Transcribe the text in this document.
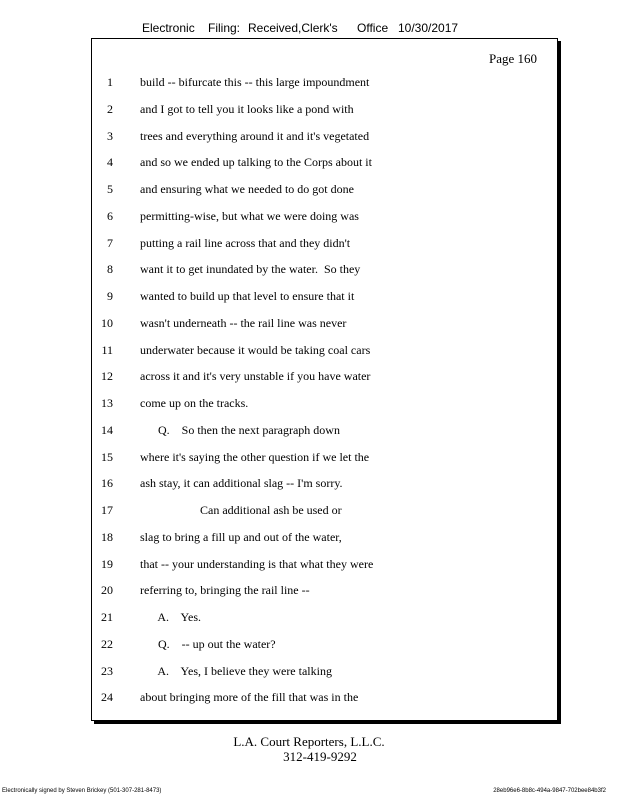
Electronic Filing: Received,Clerk's Office 10/30/2017
Page 160
1 build -- bifurcate this -- this large impoundment
2 and I got to tell you it looks like a pond with
3 trees and everything around it and it's vegetated
4 and so we ended up talking to the Corps about it
5 and ensuring what we needed to do got done
6 permitting-wise, but what we were doing was
7 putting a rail line across that and they didn't
8 want it to get inundated by the water.  So they
9 wanted to build up that level to ensure that it
10 wasn't underneath -- the rail line was never
11 underwater because it would be taking coal cars
12 across it and it's very unstable if you have water
13 come up on the tracks.
14 Q.    So then the next paragraph down
15 where it's saying the other question if we let the
16 ash stay, it can additional slag -- I'm sorry.
17 Can additional ash be used or
18 slag to bring a fill up and out of the water,
19 that -- your understanding is that what they were
20 referring to, bringing the rail line --
21 A.    Yes.
22 Q.    -- up out the water?
23 A.    Yes, I believe they were talking
24 about bringing more of the fill that was in the
L.A. Court Reporters, L.L.C.
312-419-9292
Electronically signed by Steven Brickey (501-307-281-8473)	28eb96e6-8b8c-494a-9847-702bee84b3f2
